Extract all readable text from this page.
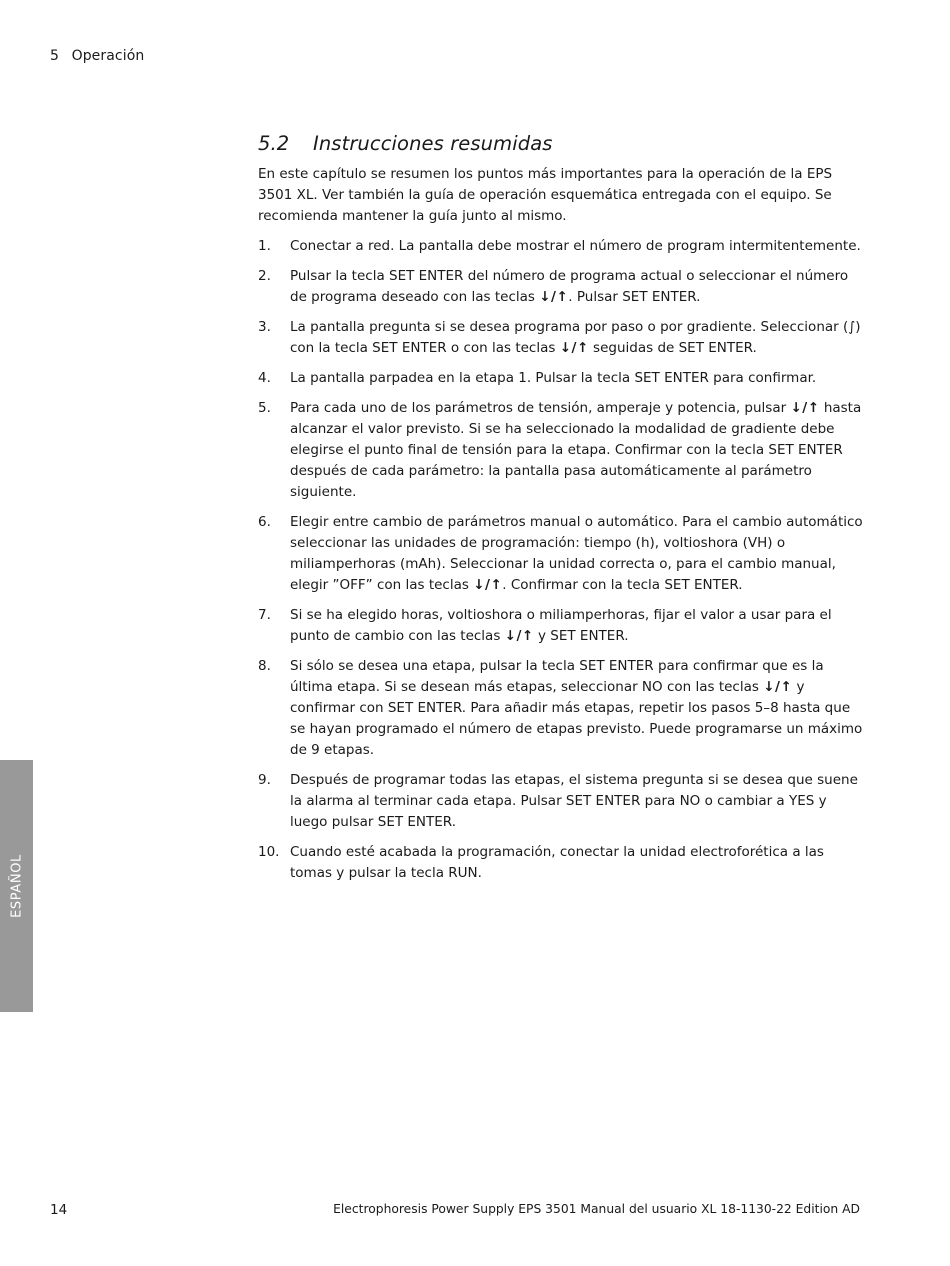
5 Operación
5.2 Instrucciones resumidas

En este capítulo se resumen los puntos más importantes para la operación de la EPS 3501 XL. Ver también la guía de operación esquemática entregada con el equipo. Se recomienda mantener la guía junto al mismo.

1. Conectar a red. La pantalla debe mostrar el número de program intermitentemente.
2. Pulsar la tecla SET ENTER del número de programa actual o seleccionar el número de programa deseado con las teclas ↓/↑. Pulsar SET ENTER.
3. La pantalla pregunta si se desea programa por paso o por gradiente. Seleccionar (∫) con la tecla SET ENTER o con las teclas ↓/↑ seguidas de SET ENTER.
4. La pantalla parpadea en la etapa 1. Pulsar la tecla SET ENTER para confirmar.
5. Para cada uno de los parámetros de tensión, amperaje y potencia, pulsar ↓/↑ hasta alcanzar el valor previsto. Si se ha seleccionado la modalidad de gradiente debe elegirse el punto final de tensión para la etapa. Confirmar con la tecla SET ENTER después de cada parámetro: la pantalla pasa automáticamente al parámetro siguiente.
6. Elegir entre cambio de parámetros manual o automático. Para el cambio automático seleccionar las unidades de programación: tiempo (h), voltioshora (VH) o miliamperhoras (mAh). Seleccionar la unidad correcta o, para el cambio manual, elegir ”OFF” con las teclas ↓/↑. Confirmar con la tecla SET ENTER.
7. Si se ha elegido horas, voltioshora o miliamperhoras, fijar el valor a usar para el punto de cambio con las teclas ↓/↑ y SET ENTER.
8. Si sólo se desea una etapa, pulsar la tecla SET ENTER para confirmar que es la última etapa. Si se desean más etapas, seleccionar NO con las teclas ↓/↑ y confirmar con SET ENTER. Para añadir más etapas, repetir los pasos 5–8 hasta que se hayan programado el número de etapas previsto. Puede programarse un máximo de 9 etapas.
9. Después de programar todas las etapas, el sistema pregunta si se desea que suene la alarma al terminar cada etapa. Pulsar SET ENTER para NO o cambiar a YES y luego pulsar SET ENTER.
10. Cuando esté acabada la programación, conectar la unidad electroforética a las tomas y pulsar la tecla RUN.
ESPAÑOL
14	Electrophoresis Power Supply EPS 3501 Manual del usuario XL 18-1130-22 Edition AD
